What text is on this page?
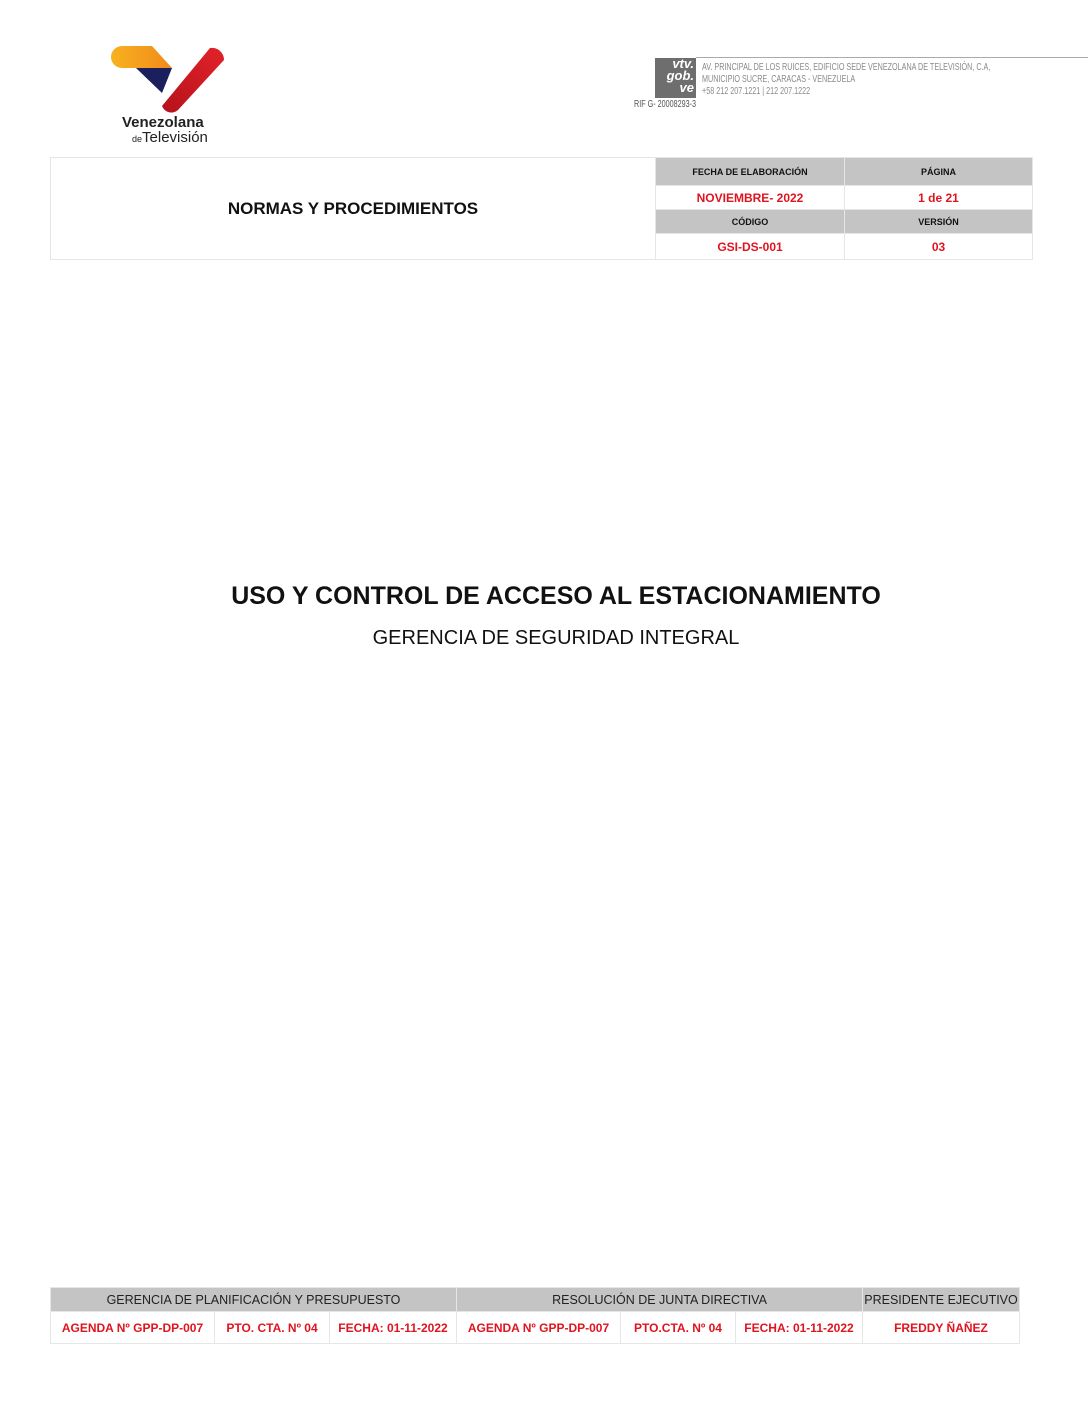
Venezolana
deTelevisión
vtv.
gob.
ve
AV. PRINCIPAL DE LOS RUICES, EDIFICIO SEDE VENEZOLANA DE TELEVISIÓN, C.A,
MUNICIPIO SUCRE, CARACAS - VENEZUELA
+58 212 207.1221 | 212 207.1222
RIF G- 20008293-3
NORMAS Y PROCEDIMIENTOS	FECHA DE ELABORACIÓN	PÁGINA
	NOVIEMBRE- 2022	1 de 21
	CÓDIGO	VERSIÓN
	GSI-DS-001	03
USO Y CONTROL DE ACCESO AL ESTACIONAMIENTO
GERENCIA DE SEGURIDAD INTEGRAL
GERENCIA DE PLANIFICACIÓN Y PRESUPUESTO			RESOLUCIÓN DE JUNTA DIRECTIVA			PRESIDENTE EJECUTIVO
AGENDA Nº GPP-DP-007	PTO. CTA. Nº 04	FECHA: 01-11-2022	AGENDA Nº GPP-DP-007	PTO.CTA. Nº 04	FECHA: 01-11-2022	FREDDY ÑAÑEZ
